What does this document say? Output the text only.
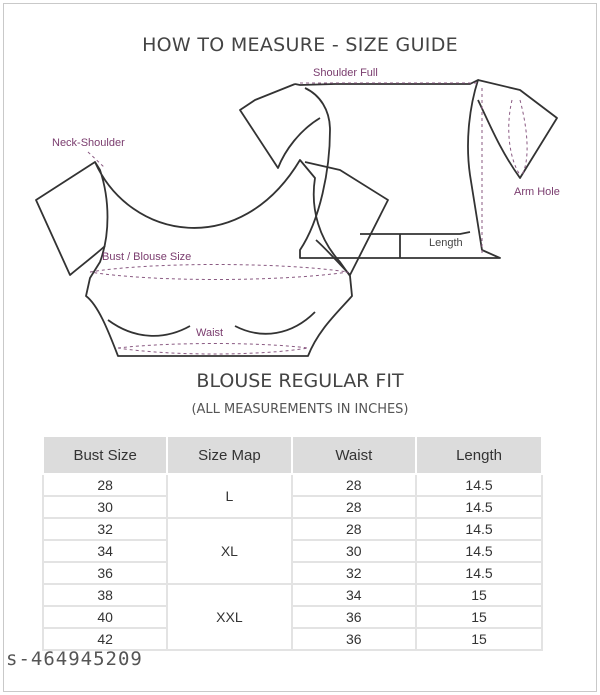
HOW TO MEASURE - SIZE GUIDE
Shoulder Full
Neck-Shoulder
Arm Hole
Bust / Blouse Size
Waist
Length
BLOUSE REGULAR FIT
(ALL MEASUREMENTS IN INCHES)
Bust Size	Size Map	Waist	Length
28	L	28	14.5
30		28	14.5
32	XL	28	14.5
34		30	14.5
36		32	14.5
38	XXL	34	15
40		36	15
42		36	15
s-464945209
